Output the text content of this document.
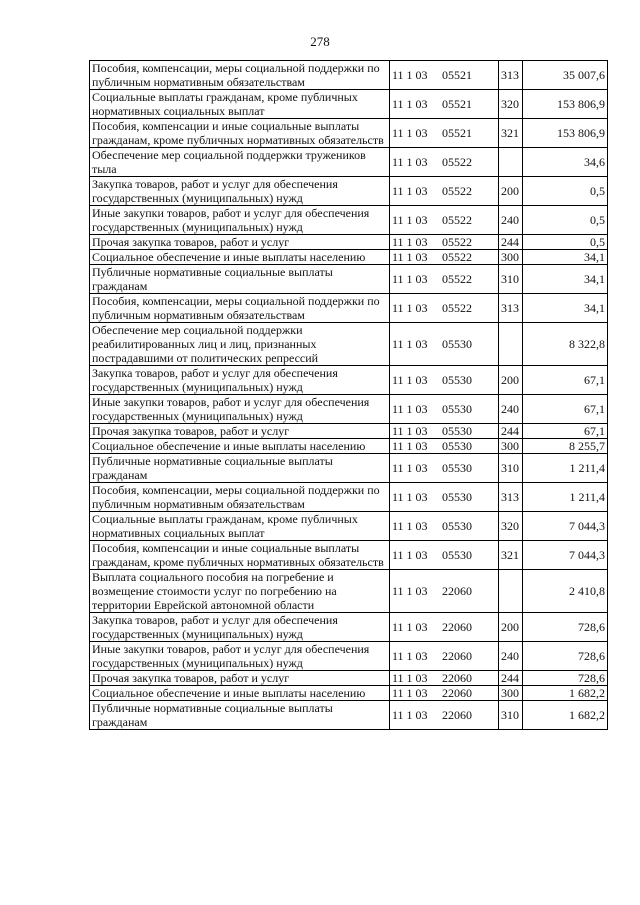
278
Пособия, компенсации, меры социальной поддержки по публичным нормативным обязательствам	11 1 03 05521	313	35 007,6
Социальные выплаты гражданам, кроме публичных нормативных социальных выплат	11 1 03 05521	320	153 806,9
Пособия, компенсации и иные социальные выплаты гражданам, кроме публичных нормативных обязательств	11 1 03 05521	321	153 806,9
Обеспечение мер социальной поддержки тружеников тыла	11 1 03 05522		34,6
Закупка товаров, работ и услуг для обеспечения государственных (муниципальных) нужд	11 1 03 05522	200	0,5
Иные закупки товаров, работ и услуг для обеспечения государственных (муниципальных) нужд	11 1 03 05522	240	0,5
Прочая закупка товаров, работ и услуг	11 1 03 05522	244	0,5
Социальное обеспечение и иные выплаты населению	11 1 03 05522	300	34,1
Публичные нормативные социальные выплаты гражданам	11 1 03 05522	310	34,1
Пособия, компенсации, меры социальной поддержки по публичным нормативным обязательствам	11 1 03 05522	313	34,1
Обеспечение мер социальной поддержки реабилитированных лиц и лиц, признанных пострадавшими от политических репрессий	11 1 03 05530		8 322,8
Закупка товаров, работ и услуг для обеспечения государственных (муниципальных) нужд	11 1 03 05530	200	67,1
Иные закупки товаров, работ и услуг для обеспечения государственных (муниципальных) нужд	11 1 03 05530	240	67,1
Прочая закупка товаров, работ и услуг	11 1 03 05530	244	67,1
Социальное обеспечение и иные выплаты населению	11 1 03 05530	300	8 255,7
Публичные нормативные социальные выплаты гражданам	11 1 03 05530	310	1 211,4
Пособия, компенсации, меры социальной поддержки по публичным нормативным обязательствам	11 1 03 05530	313	1 211,4
Социальные выплаты гражданам, кроме публичных нормативных социальных выплат	11 1 03 05530	320	7 044,3
Пособия, компенсации и иные социальные выплаты гражданам, кроме публичных нормативных обязательств	11 1 03 05530	321	7 044,3
Выплата социального пособия на погребение и возмещение стоимости услуг по погребению на территории Еврейской автономной области	11 1 03 22060		2 410,8
Закупка товаров, работ и услуг для обеспечения государственных (муниципальных) нужд	11 1 03 22060	200	728,6
Иные закупки товаров, работ и услуг для обеспечения государственных (муниципальных) нужд	11 1 03 22060	240	728,6
Прочая закупка товаров, работ и услуг	11 1 03 22060	244	728,6
Социальное обеспечение и иные выплаты населению	11 1 03 22060	300	1 682,2
Публичные нормативные социальные выплаты гражданам	11 1 03 22060	310	1 682,2
